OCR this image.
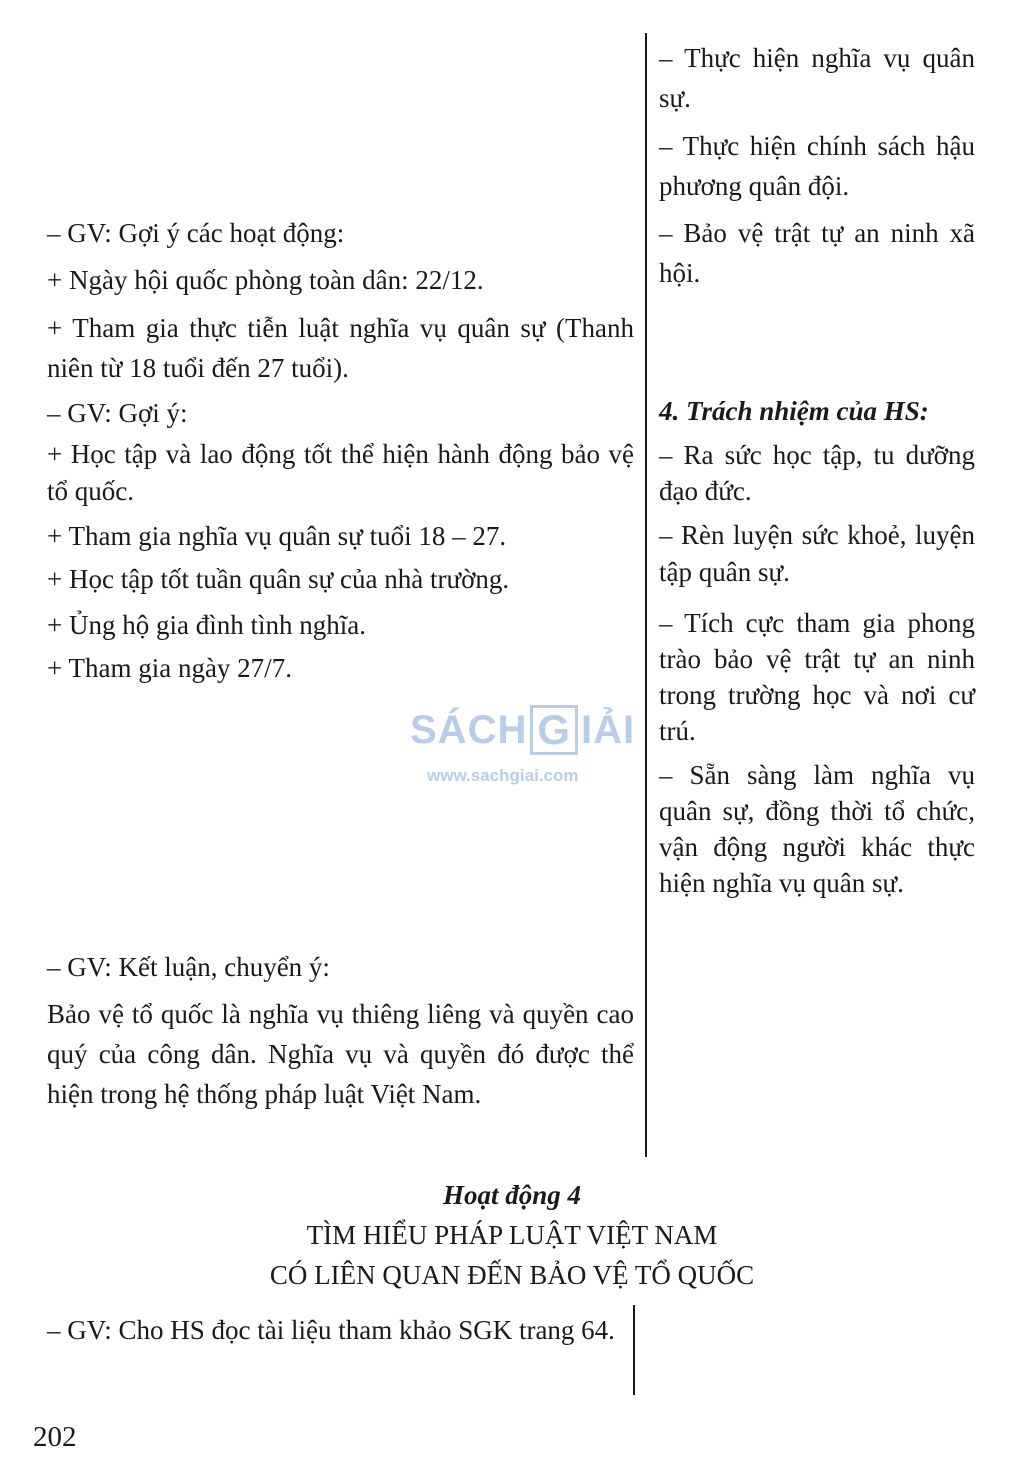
– GV: Gợi ý các hoạt động:

+ Ngày hội quốc phòng toàn dân: 22/12.

+ Tham gia thực tiễn luật nghĩa vụ quân sự (Thanh niên từ 18 tuổi đến 27 tuổi).

– GV: Gợi ý:

+ Học tập và lao động tốt thể hiện hành động bảo vệ tổ quốc.

+ Tham gia nghĩa vụ quân sự tuổi 18 – 27.

+ Học tập tốt tuần quân sự của nhà trường.

+ Ủng hộ gia đình tình nghĩa.

+ Tham gia ngày 27/7.

– GV: Kết luận, chuyển ý:

Bảo vệ tổ quốc là nghĩa vụ thiêng liêng và quyền cao quý của công dân. Nghĩa vụ và quyền đó được thể hiện trong hệ thống pháp luật Việt Nam.

– Thực hiện nghĩa vụ quân sự.

– Thực hiện chính sách hậu phương quân đội.

– Bảo vệ trật tự an ninh xã hội.

4. Trách nhiệm của HS:

– Ra sức học tập, tu dưỡng đạo đức.

– Rèn luyện sức khoẻ, luyện tập quân sự.

– Tích cực tham gia phong trào bảo vệ trật tự an ninh trong trường học và nơi cư trú.

– Sẵn sàng làm nghĩa vụ quân sự, đồng thời tổ chức, vận động người khác thực hiện nghĩa vụ quân sự.

SÁCH G IẢI
www.sachgiai.com
Hoạt động 4
TÌM HIỂU PHÁP LUẬT VIỆT NAM
CÓ LIÊN QUAN ĐẾN BẢO VỆ TỔ QUỐC

– GV: Cho HS đọc tài liệu tham khảo SGK trang 64.

202
